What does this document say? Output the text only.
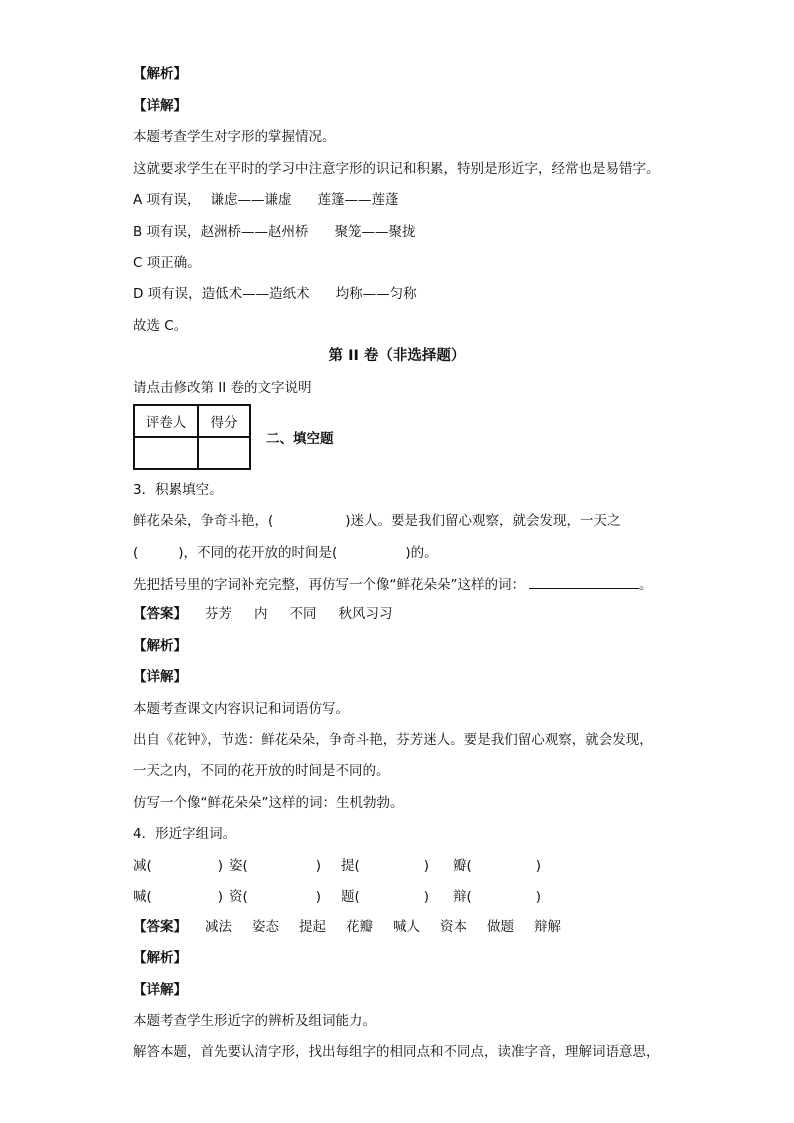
【解析】
【详解】
本题考查学生对字形的掌握情况。
这就要求学生在平时的学习中注意字形的识记和积累，特别是形近字，经常也是易错字。
A 项有误， 谦虑——谦虚 莲篷——莲蓬
B 项有误，赵洲桥——赵州桥 聚笼——聚拢
C 项正确。
D 项有误，造低术——造纸术 均称——匀称
故选 C。
第 II 卷（非选择题）
请点击修改第 II 卷的文字说明
评卷人	得分

二、填空题
3．积累填空。
鲜花朵朵，争奇斗艳，(	)迷人。要是我们留心观察，就会发现，一天之
(	)，不同的花开放的时间是(	)的。
先把括号里的字词补充完整，再仿写一个像“鲜花朵朵”这样的词：	。
【答案】 芬芳 内 不同 秋风习习
【解析】
【详解】
本题考查课文内容识记和词语仿写。
出自《花钟》，节选：鲜花朵朵，争奇斗艳，芬芳迷人。要是我们留心观察，就会发现，
一天之内，不同的花开放的时间是不同的。
仿写一个像“鲜花朵朵”这样的词：生机勃勃。
4．形近字组词。
减(	) 姿(	) 提(	) 瓣(	)
喊(	) 资(	) 题(	) 辩(	)
【答案】 减法 姿态 提起 花瓣 喊人 资本 做题 辩解
【解析】
【详解】
本题考查学生形近字的辨析及组词能力。
解答本题，首先要认清字形，找出每组字的相同点和不同点，读准字音，理解词语意思，
